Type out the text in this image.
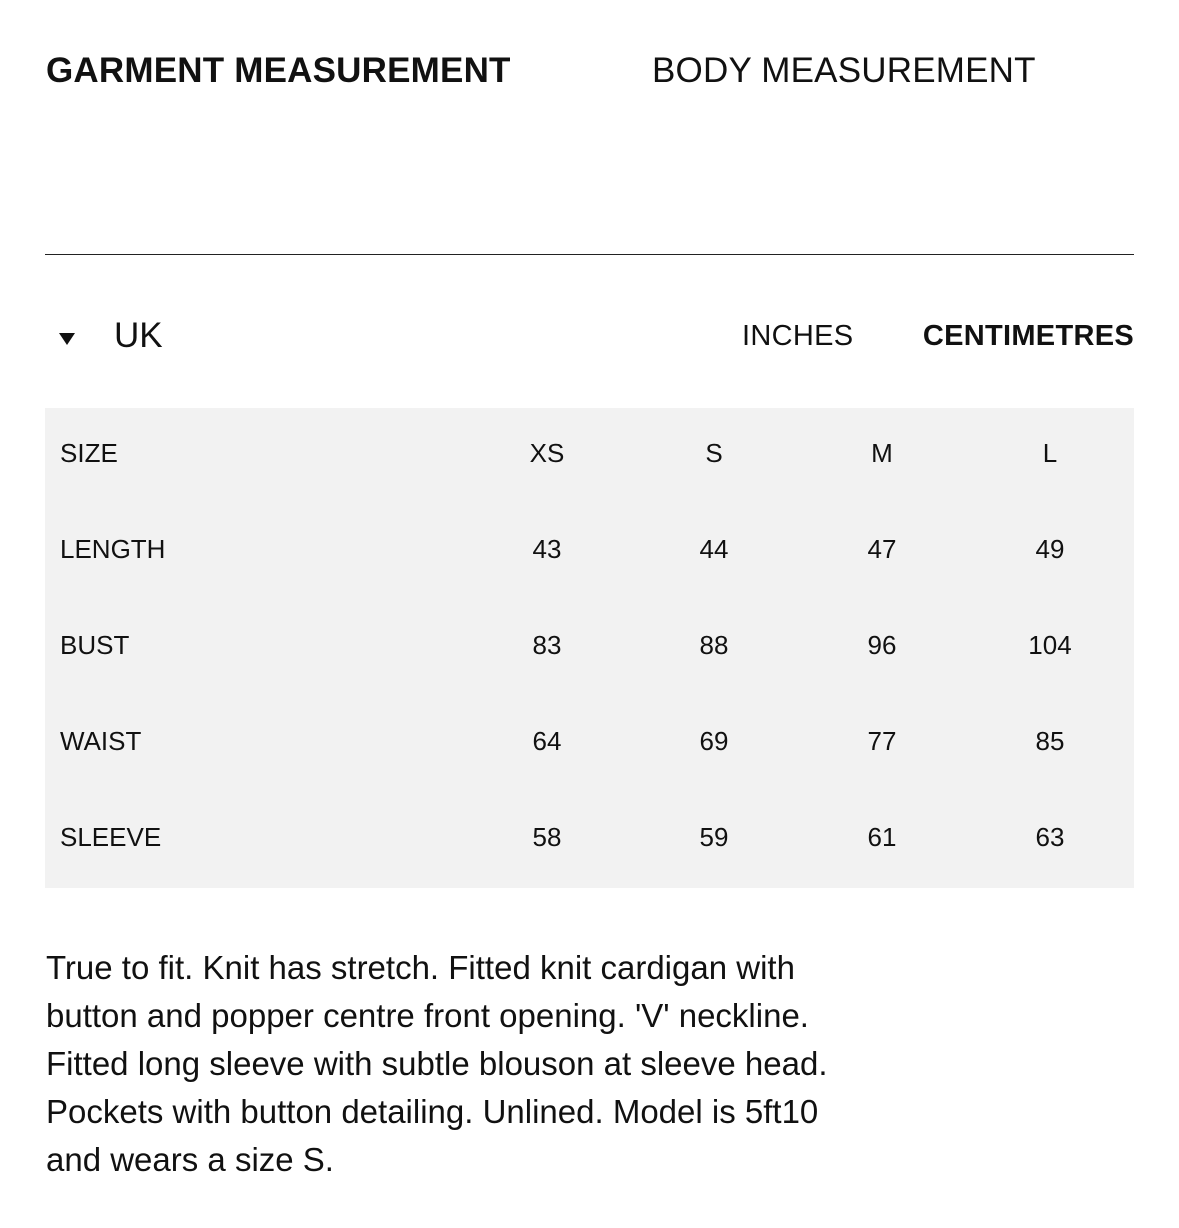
GARMENT MEASUREMENT	BODY MEASUREMENT
UK	INCHES CENTIMETRES
SIZE	XS	S	M	L
LENGTH	43	44	47	49
BUST	83	88	96	104
WAIST	64	69	77	85
SLEEVE	58	59	61	63
True to fit. Knit has stretch. Fitted knit cardigan with
button and popper centre front opening. 'V' neckline.
Fitted long sleeve with subtle blouson at sleeve head.
Pockets with button detailing. Unlined. Model is 5ft10
and wears a size S.
